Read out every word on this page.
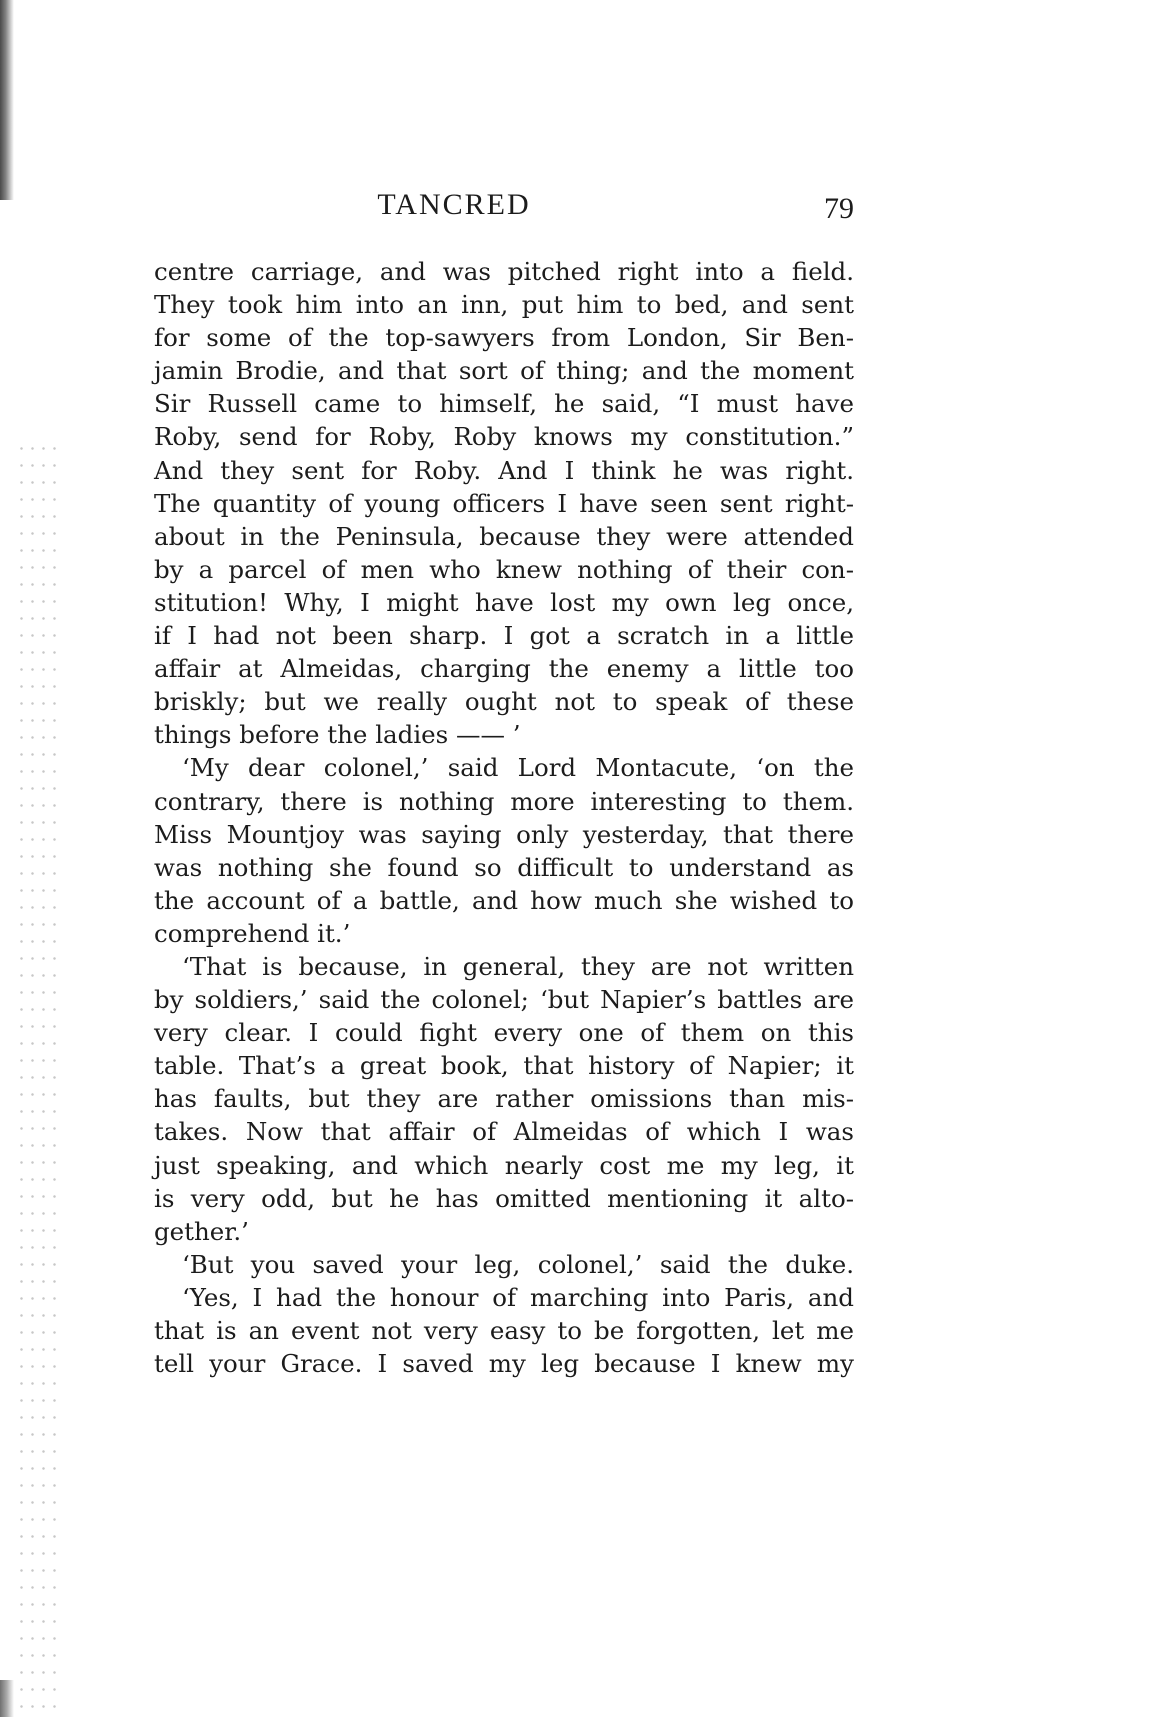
TANCRED	79
centre carriage, and was pitched right into a field.
They took him into an inn, put him to bed, and sent
for some of the top-sawyers from London, Sir Ben-
jamin Brodie, and that sort of thing; and the moment
Sir Russell came to himself, he said, “I must have
Roby, send for Roby, Roby knows my constitution.”
And they sent for Roby. And I think he was right.
The quantity of young officers I have seen sent right-
about in the Peninsula, because they were attended
by a parcel of men who knew nothing of their con-
stitution! Why, I might have lost my own leg once,
if I had not been sharp. I got a scratch in a little
affair at Almeidas, charging the enemy a little too
briskly; but we really ought not to speak of these
things before the ladies —— ’
‘My dear colonel,’ said Lord Montacute, ‘on the
contrary, there is nothing more interesting to them.
Miss Mountjoy was saying only yesterday, that there
was nothing she found so difficult to understand as
the account of a battle, and how much she wished to
comprehend it.’
‘That is because, in general, they are not written
by soldiers,’ said the colonel; ‘but Napier’s battles are
very clear. I could fight every one of them on this
table. That’s a great book, that history of Napier; it
has faults, but they are rather omissions than mis-
takes. Now that affair of Almeidas of which I was
just speaking, and which nearly cost me my leg, it
is very odd, but he has omitted mentioning it alto-
gether.’
‘But you saved your leg, colonel,’ said the duke.
‘Yes, I had the honour of marching into Paris, and
that is an event not very easy to be forgotten, let me
tell your Grace. I saved my leg because I knew my
